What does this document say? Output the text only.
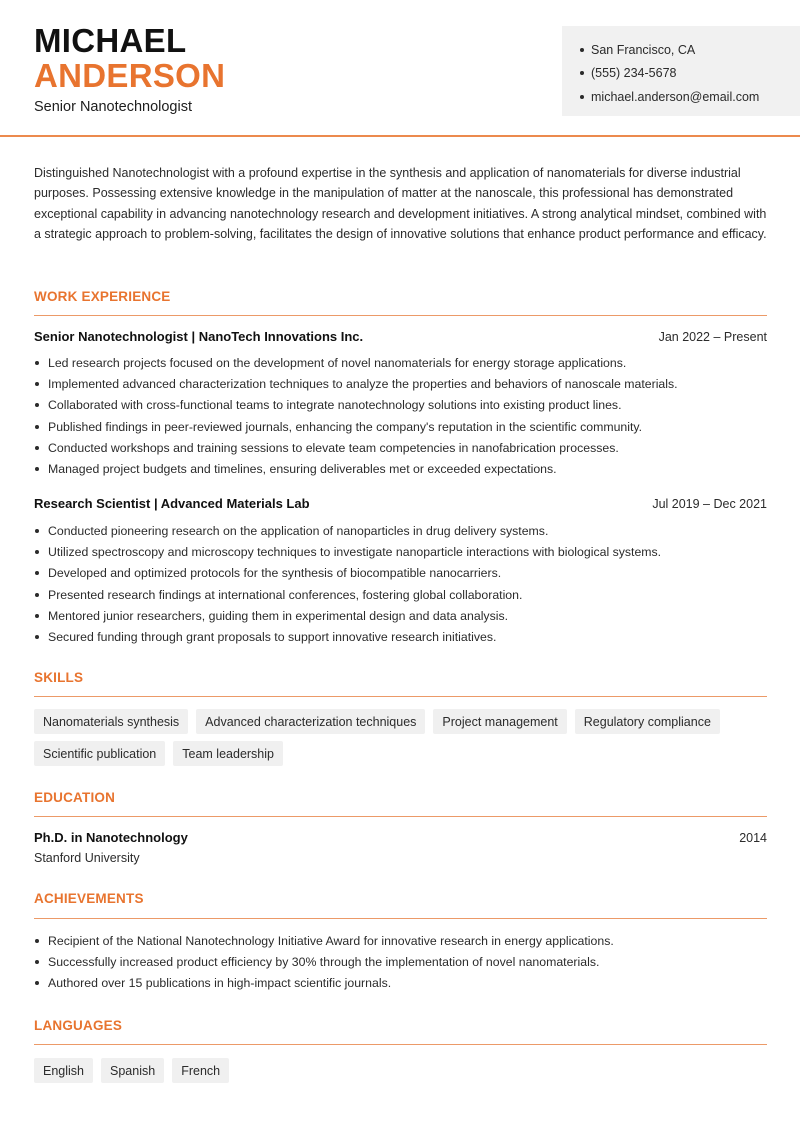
MICHAEL
ANDERSON
Senior Nanotechnologist
San Francisco, CA
(555) 234-5678
michael.anderson@email.com

Distinguished Nanotechnologist with a profound expertise in the synthesis and application of nanomaterials for diverse industrial purposes. Possessing extensive knowledge in the manipulation of matter at the nanoscale, this professional has demonstrated exceptional capability in advancing nanotechnology research and development initiatives. A strong analytical mindset, combined with a strategic approach to problem-solving, facilitates the design of innovative solutions that enhance product performance and efficacy.

WORK EXPERIENCE
Senior Nanotechnologist | NanoTech Innovations Inc.	Jan 2022 – Present
Led research projects focused on the development of novel nanomaterials for energy storage applications.
Implemented advanced characterization techniques to analyze the properties and behaviors of nanoscale materials.
Collaborated with cross-functional teams to integrate nanotechnology solutions into existing product lines.
Published findings in peer-reviewed journals, enhancing the company's reputation in the scientific community.
Conducted workshops and training sessions to elevate team competencies in nanofabrication processes.
Managed project budgets and timelines, ensuring deliverables met or exceeded expectations.
Research Scientist | Advanced Materials Lab	Jul 2019 – Dec 2021
Conducted pioneering research on the application of nanoparticles in drug delivery systems.
Utilized spectroscopy and microscopy techniques to investigate nanoparticle interactions with biological systems.
Developed and optimized protocols for the synthesis of biocompatible nanocarriers.
Presented research findings at international conferences, fostering global collaboration.
Mentored junior researchers, guiding them in experimental design and data analysis.
Secured funding through grant proposals to support innovative research initiatives.
SKILLS
Nanomaterials synthesis	Advanced characterization techniques	Project management	Regulatory compliance
Scientific publication	Team leadership
EDUCATION
Ph.D. in Nanotechnology	2014
Stanford University
ACHIEVEMENTS
Recipient of the National Nanotechnology Initiative Award for innovative research in energy applications.
Successfully increased product efficiency by 30% through the implementation of novel nanomaterials.
Authored over 15 publications in high-impact scientific journals.
LANGUAGES
English	Spanish	French
